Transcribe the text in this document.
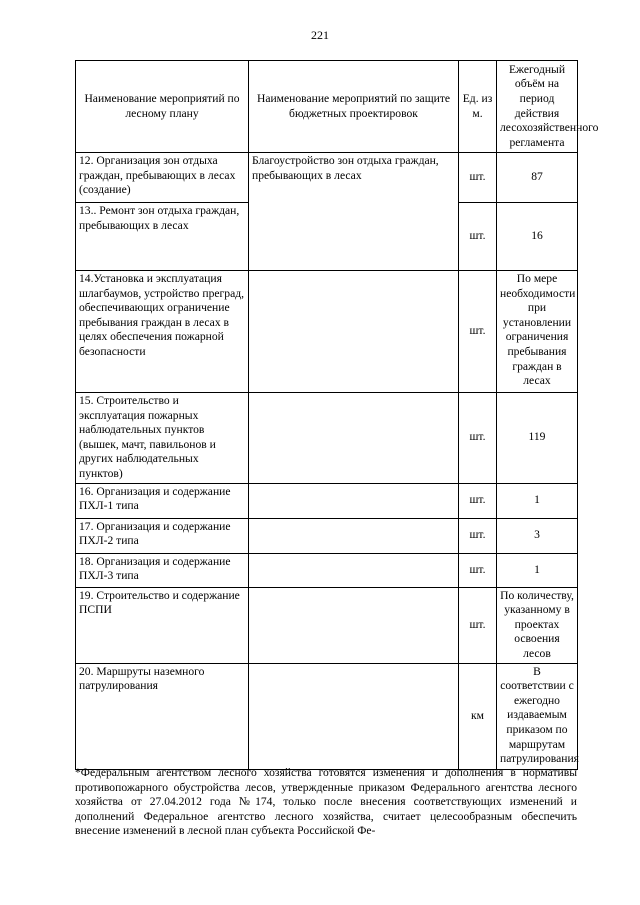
221
Наименование мероприятий по лесному плану	Наименование мероприятий по защите бюджетных проектировок	Ед. из м.	Ежегодный объём на период действия лесохозяйственного регламента
12. Организация зон отдыха граждан, пребывающих в лесах (создание)	Благоустройство зон отдыха граждан, пребывающих в лесах	шт.	87
13.. Ремонт зон отдыха граждан, пребывающих в лесах		шт.	16
14.Установка и эксплуатация шлагбаумов, устройство преград, обеспечивающих ограничение пребывания граждан в лесах в целях обеспечения пожарной безопасности		шт.	По мере необходимости при установлении ограничения пребывания граждан в лесах
15. Строительство и эксплуатация пожарных наблюдательных пунктов (вышек, мачт, павильонов и других наблюдательных пунктов)		шт.	119
16. Организация и содержание ПХЛ-1 типа		шт.	1
17. Организация и содержание ПХЛ-2 типа		шт.	3
18. Организация и содержание ПХЛ-3 типа		шт.	1
19. Строительство и содержание ПСПИ		шт.	По количеству, указанному в проектах освоения лесов
20. Маршруты наземного патрулирования		км	В соответствии с ежегодно издаваемым приказом по маршрутам патрулирования
*Федеральным агентством лесного хозяйства готовятся изменения и дополнения в нормативы противопожарного обустройства лесов, утвержденные приказом Федерального агентства лесного хозяйства от 27.04.2012 года №174, только после внесения соответствующих изменений и дополнений Федеральное агентство лесного хозяйства, считает целесообразным обеспечить внесение изменений в лесной план субъекта Российской Фе-
